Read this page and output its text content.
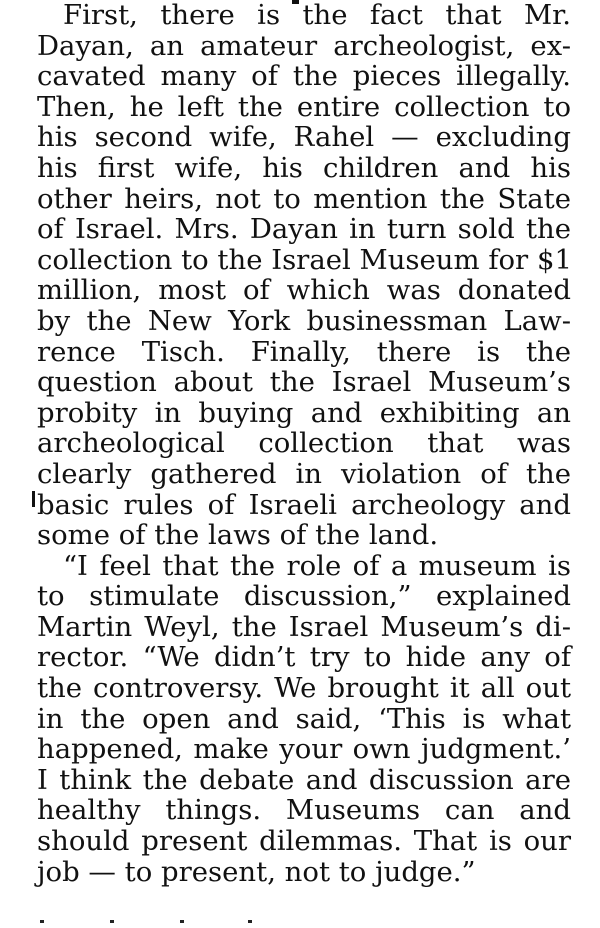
First, there is the fact that Mr.
Dayan, an amateur archeologist, ex-
cavated many of the pieces illegally.
Then, he left the entire collection to
his second wife, Rahel — excluding
his first wife, his children and his
other heirs, not to mention the State
of Israel. Mrs. Dayan in turn sold the
collection to the Israel Museum for $1
million, most of which was donated
by the New York businessman Law-
rence Tisch. Finally, there is the
question about the Israel Museum’s
probity in buying and exhibiting an
archeological collection that was
clearly gathered in violation of the
basic rules of Israeli archeology and
some of the laws of the land.
“I feel that the role of a museum is
to stimulate discussion,” explained
Martin Weyl, the Israel Museum’s di-
rector. “We didn’t try to hide any of
the controversy. We brought it all out
in the open and said, ‘This is what
happened, make your own judgment.’
I think the debate and discussion are
healthy things. Museums can and
should present dilemmas. That is our
job — to present, not to judge.”
